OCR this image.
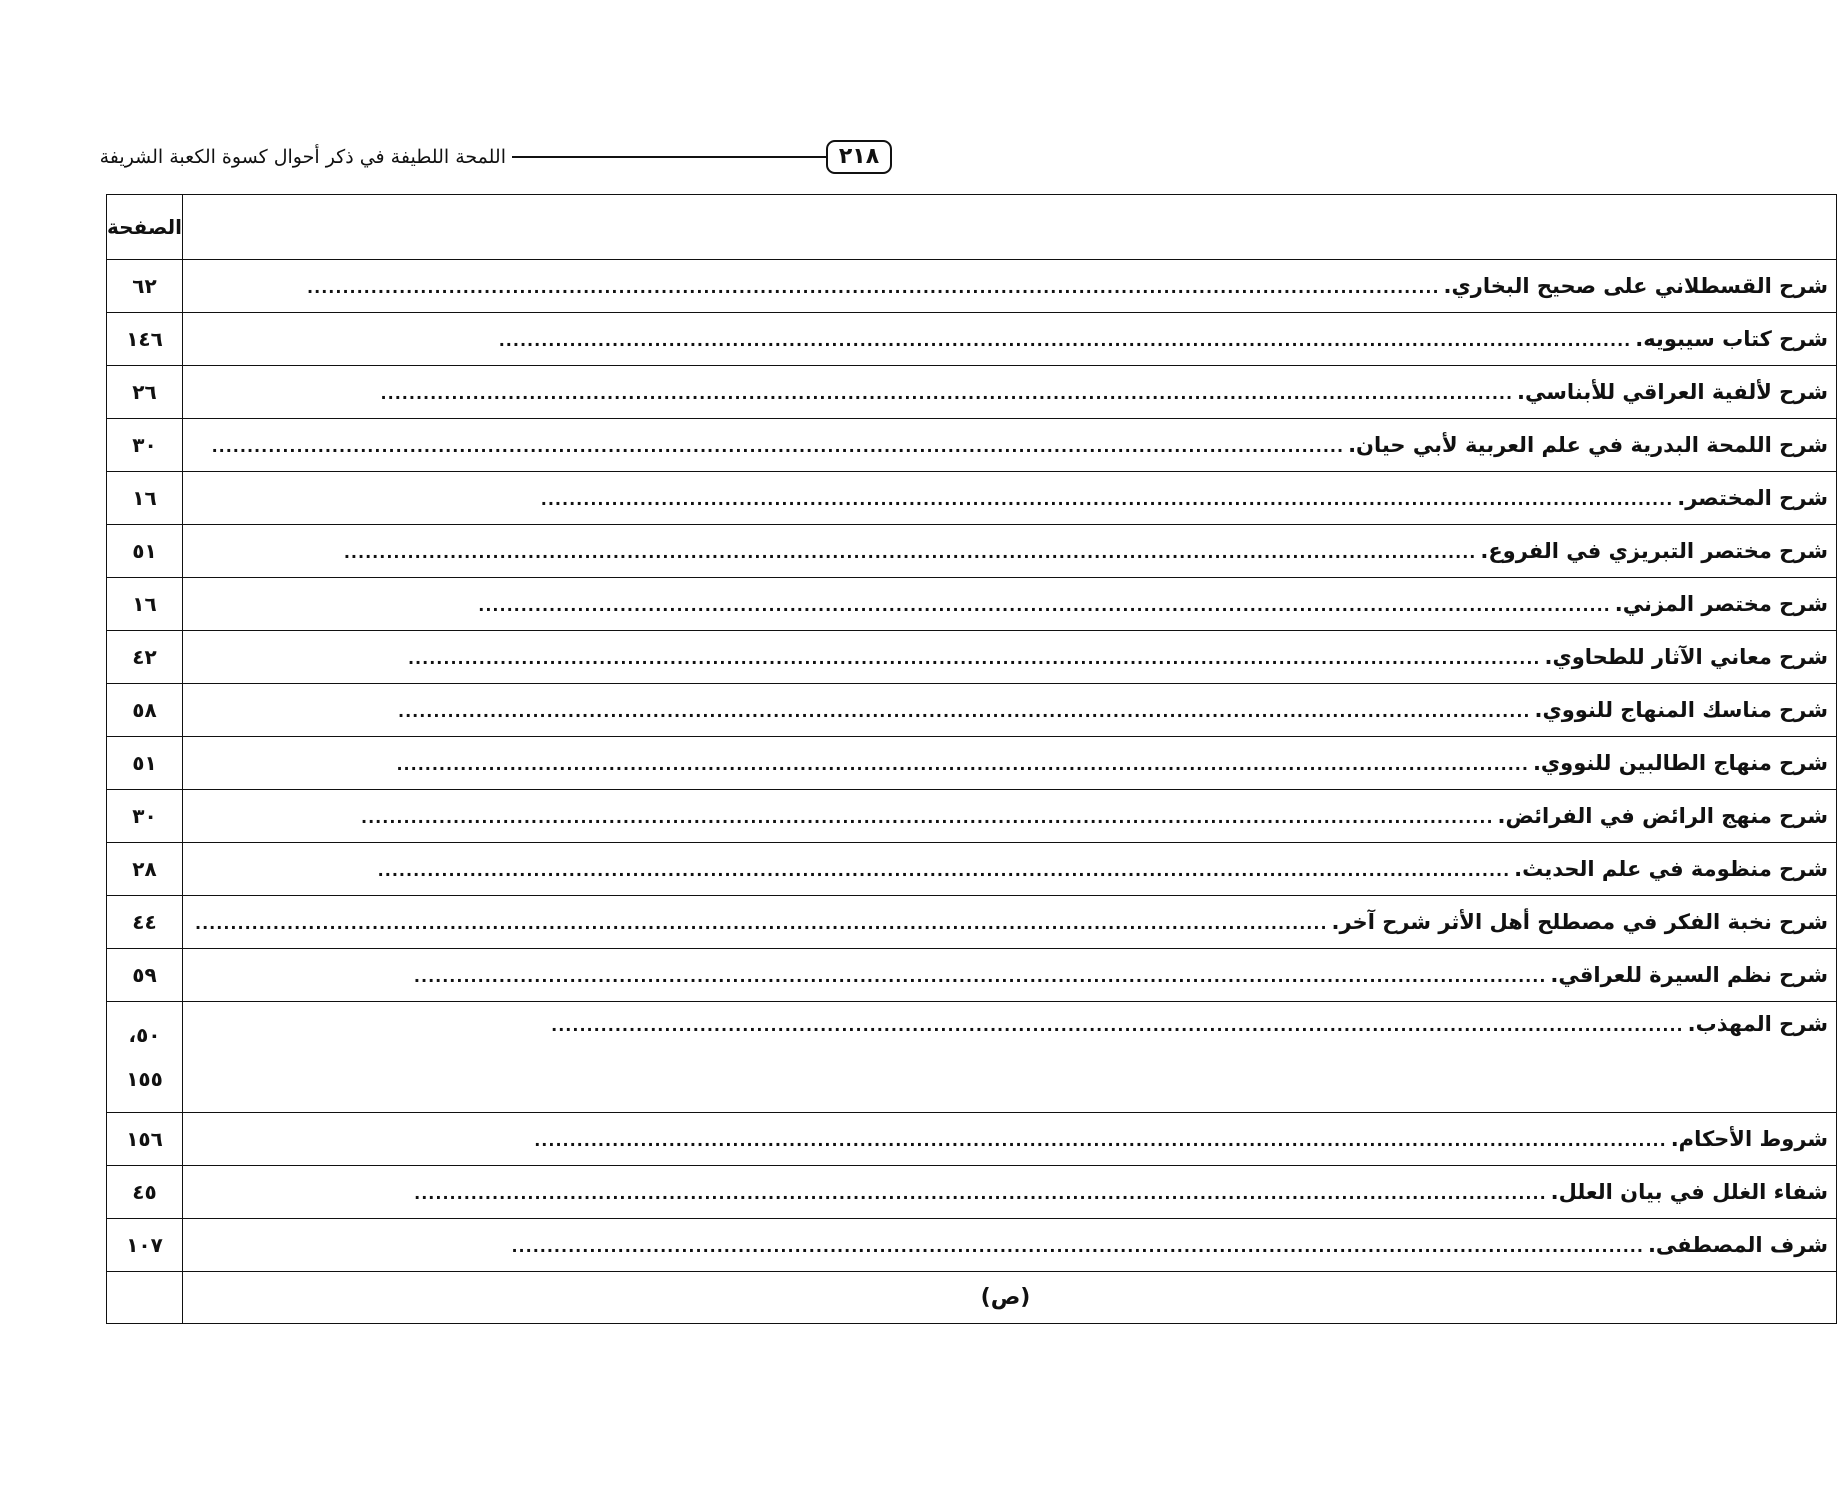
اللمحة اللطيفة في ذكر أحوال كسوة الكعبة الشريفة	٢١٨
	الصفحة

شرح القسطلاني على صحيح البخاري.
................................................................................................................................................................	٦٢

شرح كتاب سيبويه.
................................................................................................................................................................	١٤٦

شرح لألفية العراقي للأبناسي.
................................................................................................................................................................	٢٦

شرح اللمحة البدرية في علم العربية لأبي حيان.
................................................................................................................................................................	٣٠

شرح المختصر.
................................................................................................................................................................	١٦

شرح مختصر التبريزي في الفروع.
................................................................................................................................................................	٥١

شرح مختصر المزني.
................................................................................................................................................................	١٦

شرح معاني الآثار للطحاوي.
................................................................................................................................................................	٤٢

شرح مناسك المنهاج للنووي.
................................................................................................................................................................	٥٨

شرح منهاج الطالبين للنووي.
................................................................................................................................................................	٥١

شرح منهج الرائض في الفرائض.
................................................................................................................................................................	٣٠

شرح منظومة في علم الحديث.
................................................................................................................................................................	٢٨

شرح نخبة الفكر في مصطلح أهل الأثر شرح آخر.
................................................................................................................................................................	٤٤

شرح نظم السيرة للعراقي.
................................................................................................................................................................	٥٩

شرح المهذب.
................................................................................................................................................................	٥٠،
١٥٥

شروط الأحكام.
................................................................................................................................................................	١٥٦

شفاء الغلل في بيان العلل.
................................................................................................................................................................	٤٥

شرف المصطفى.
................................................................................................................................................................	١٠٧

(ص)	
